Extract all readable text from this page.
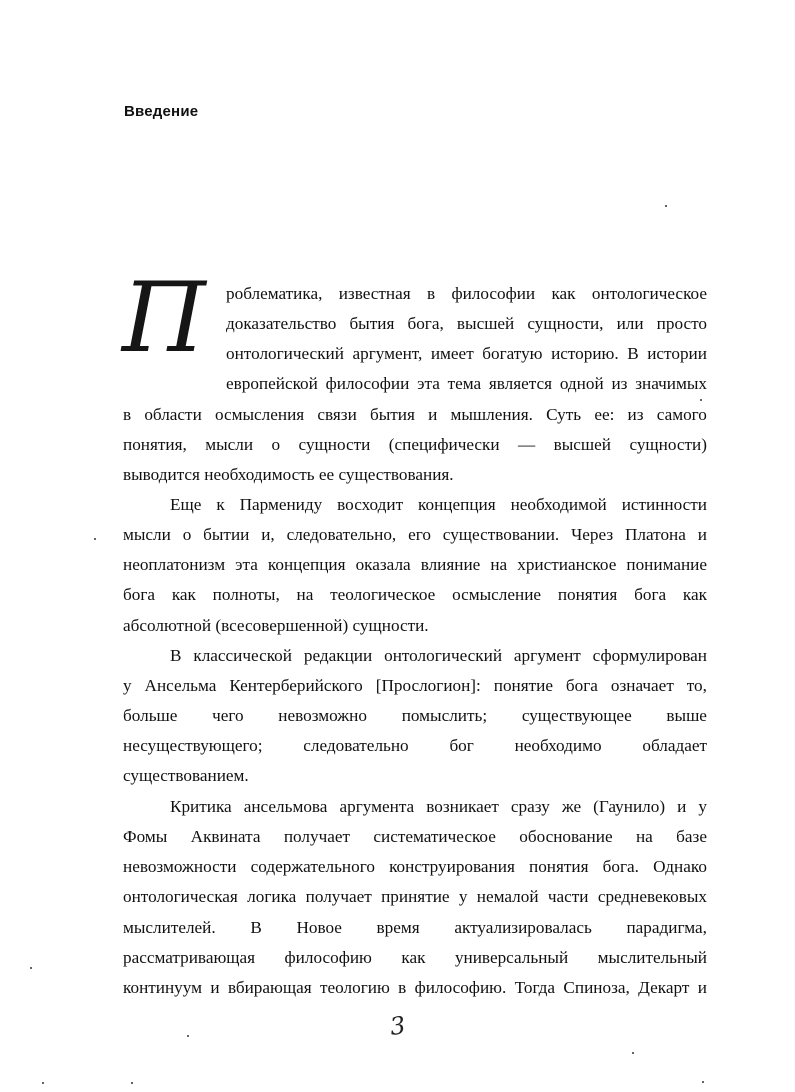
Введение
П роблематика, известная в философии как онтологическое
доказательство бытия бога, высшей сущности, или просто
онтологический аргумент, имеет богатую историю. В истории
европейской философии эта тема является одной из значимых
в области осмысления связи бытия и мышления. Суть ее: из самого
понятия, мысли о сущности (специфически — высшей сущности)
выводится необходимость ее существования.
Еще к Пармениду восходит концепция необходимой истинности
мысли о бытии и, следовательно, его существовании. Через Платона и
неоплатонизм эта концепция оказала влияние на христианское понимание
бога как полноты, на теологическое осмысление понятия бога как
абсолютной (всесовершенной) сущности.
В классической редакции онтологический аргумент сформулирован
у Ансельма Кентерберийского [Прослогион]: понятие бога означает то,
больше чего невозможно помыслить; существующее выше
несуществующего; следовательно бог необходимо обладает
существованием.
Критика ансельмова аргумента возникает сразу же (Гаунило) и у
Фомы Аквината получает систематическое обоснование на базе
невозможности содержательного конструирования понятия бога. Однако
онтологическая логика получает принятие у немалой части средневековых
мыслителей. В Новое время актуализировалась парадигма,
рассматривающая философию как универсальный мыслительный
континуум и вбирающая теологию в философию. Тогда Спиноза, Декарт и
3
